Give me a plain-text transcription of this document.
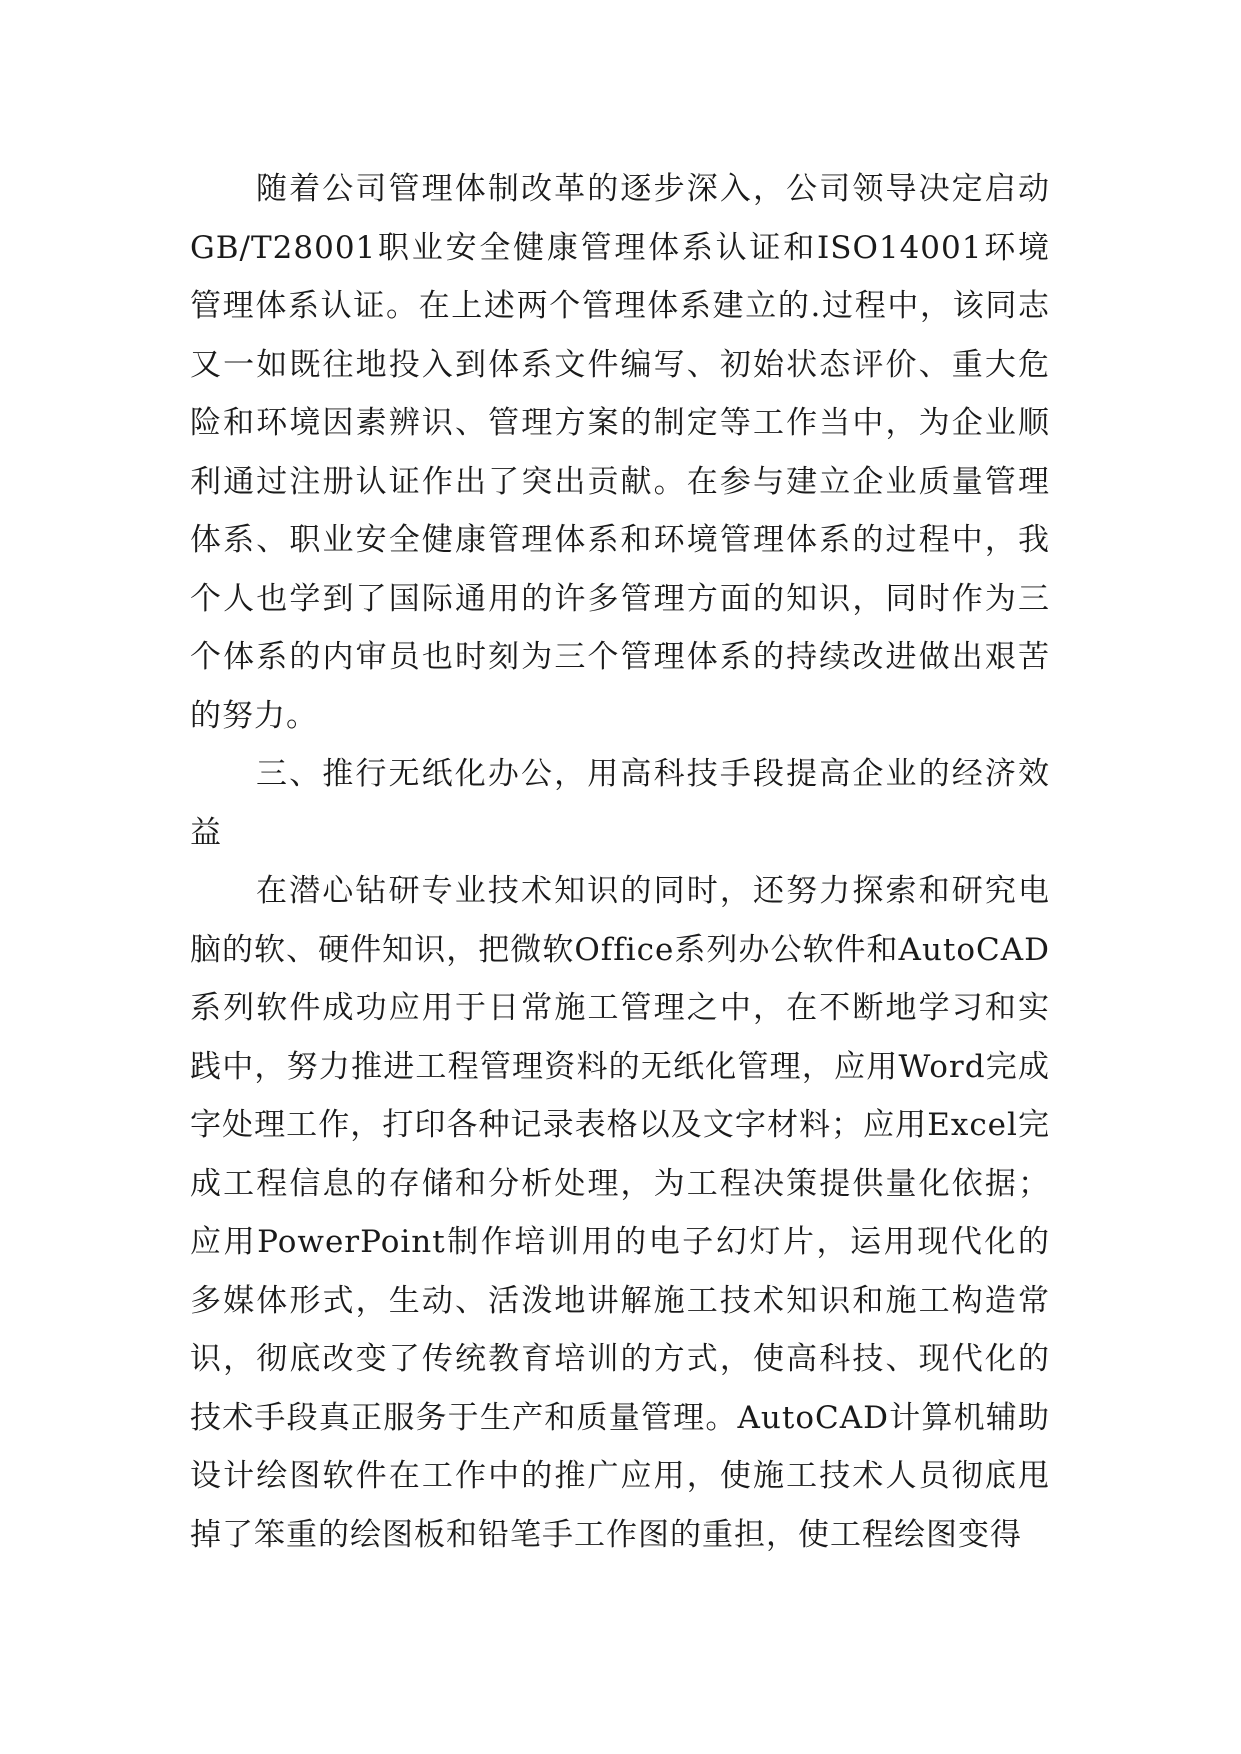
随着公司管理体制改革的逐步深入，公司领导决定启动GB/T28001职业安全健康管理体系认证和ISO14001环境管理体系认证。在上述两个管理体系建立的.过程中，该同志又一如既往地投入到体系文件编写、初始状态评价、重大危险和环境因素辨识、管理方案的制定等工作当中，为企业顺利通过注册认证作出了突出贡献。在参与建立企业质量管理体系、职业安全健康管理体系和环境管理体系的过程中，我个人也学到了国际通用的许多管理方面的知识，同时作为三个体系的内审员也时刻为三个管理体系的持续改进做出艰苦的努力。

三、推行无纸化办公，用高科技手段提高企业的经济效益

在潜心钻研专业技术知识的同时，还努力探索和研究电脑的软、硬件知识，把微软Office系列办公软件和AutoCAD系列软件成功应用于日常施工管理之中，在不断地学习和实践中，努力推进工程管理资料的无纸化管理，应用Word完成字处理工作，打印各种记录表格以及文字材料；应用Excel完成工程信息的存储和分析处理，为工程决策提供量化依据；应用PowerPoint制作培训用的电子幻灯片，运用现代化的多媒体形式，生动、活泼地讲解施工技术知识和施工构造常识，彻底改变了传统教育培训的方式，使高科技、现代化的技术手段真正服务于生产和质量管理。AutoCAD计算机辅助设计绘图软件在工作中的推广应用，使施工技术人员彻底甩掉了笨重的绘图板和铅笔手工作图的重担，使工程绘图变得
